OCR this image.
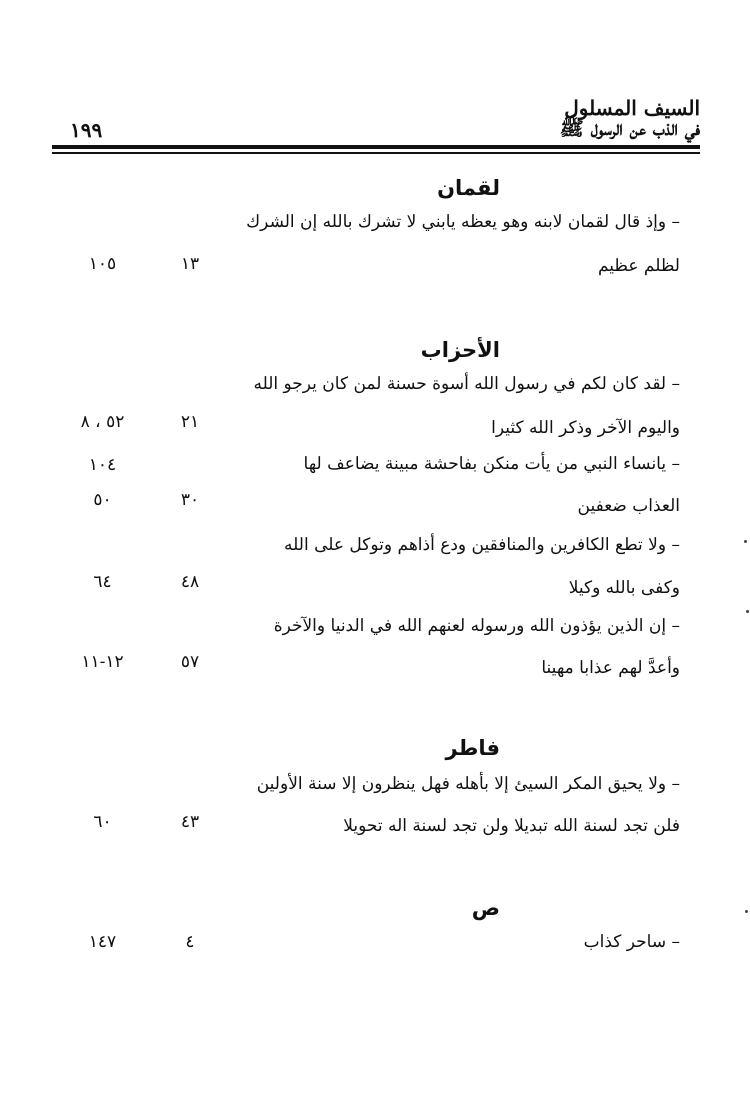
السيف المسلول
في الذب عن الرسول ﷺ
١٩٩
لقمان
– وإذ قال لقمان لابنه وهو يعظه يابني لا تشرك بالله إن الشرك
لظلم عظيم
١٣
١٠٥
الأحزاب
– لقد كان لكم في رسول الله أسوة حسنة لمن كان يرجو الله
واليوم الآخر وذكر الله كثيرا
٢١
٥٢ ، ٨
– يانساء النبي من يأت منكن بفاحشة مبينة يضاعف لها
١٠٤
العذاب ضعفين
٣٠
٥٠
– ولا تطع الكافرين والمنافقين ودع أذاهم وتوكل على الله
وكفى بالله وكيلا
٤٨
٦٤
– إن الذين يؤذون الله ورسوله لعنهم الله في الدنيا والآخرة
وأعدَّ لهم عذابا مهينا
٥٧
١٢-١١
فاطر
– ولا يحيق المكر السيئ إلا بأهله فهل ينظرون إلا سنة الأولين
فلن تجد لسنة الله تبديلا ولن تجد لسنة اله تحويلا
٤٣
٦٠
ص
– ساحر كذاب
٤
١٤٧
